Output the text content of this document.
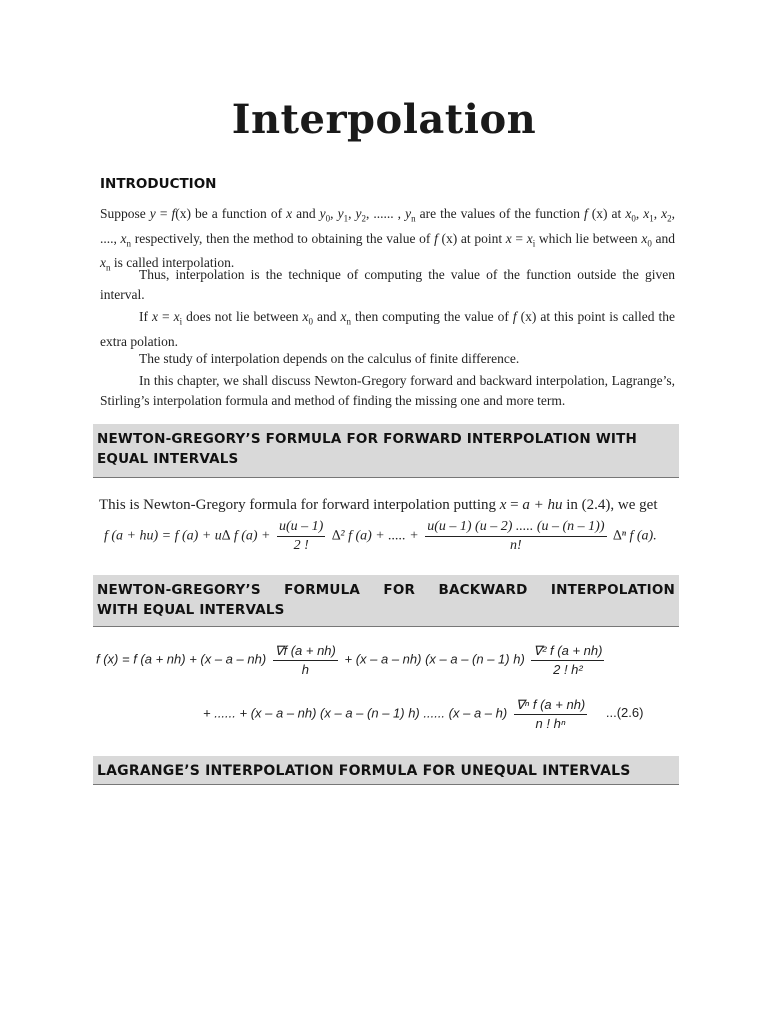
Interpolation
INTRODUCTION
Suppose y = f(x) be a function of x and $y_0$, $y_1$, $y_2$, ...... , $y_n$ are the values of the function f (x) at $x_0$, $x_1$, $x_2$, ...., $x_n$ respectively, then the method to obtaining the value of f (x) at point $x = x_i$ which lie between $x_0$ and $x_n$ is called interpolation.
Thus, interpolation is the technique of computing the value of the function outside the given interval.
If $x = x_i$ does not lie between $x_0$ and $x_n$ then computing the value of f (x) at this point is called the extra polation.
The study of interpolation depends on the calculus of finite difference.
In this chapter, we shall discuss Newton-Gregory forward and backward interpolation, Lagrange’s, Stirling’s interpolation formula and method of finding the missing one and more term.
NEWTON-GREGORY’S FORMULA FOR FORWARD INTERPOLATION WITH EQUAL INTERVALS
This is Newton-Gregory formula for forward interpolation putting x = a + hu in (2.4), we get
f (a + hu) = f (a) + u∆ f $(a) + \frac{u(u - 1)}{2 !} \Delta^2$ f (a) + ..... + $\frac{u(u - 1) (u - 2) ..... (u - (n - 1))}{n!} \Delta^n$ f (a).
NEWTON-GREGORY’S FORMULA FOR BACKWARD INTERPOLATION
WITH EQUAL INTERVALS
f (x) = f $(a + nh) + (x - a - nh) \frac{\nabla f (a + nh)}{h} + (x - a - nh)$ (x – a – (n – 1) $h) \frac{\text{∇² f (a + nh)}}{\text{2 ! h²}}$
+ ...... + (x – a – nh) (x – a – (n – 1) h) ...... (x – a – $h) \frac{\text{∇ⁿ f (a + nh)}}{\text{n ! hⁿ}} ...(2.6)$
LAGRANGE’S INTERPOLATION FORMULA FOR UNEQUAL INTERVALS
